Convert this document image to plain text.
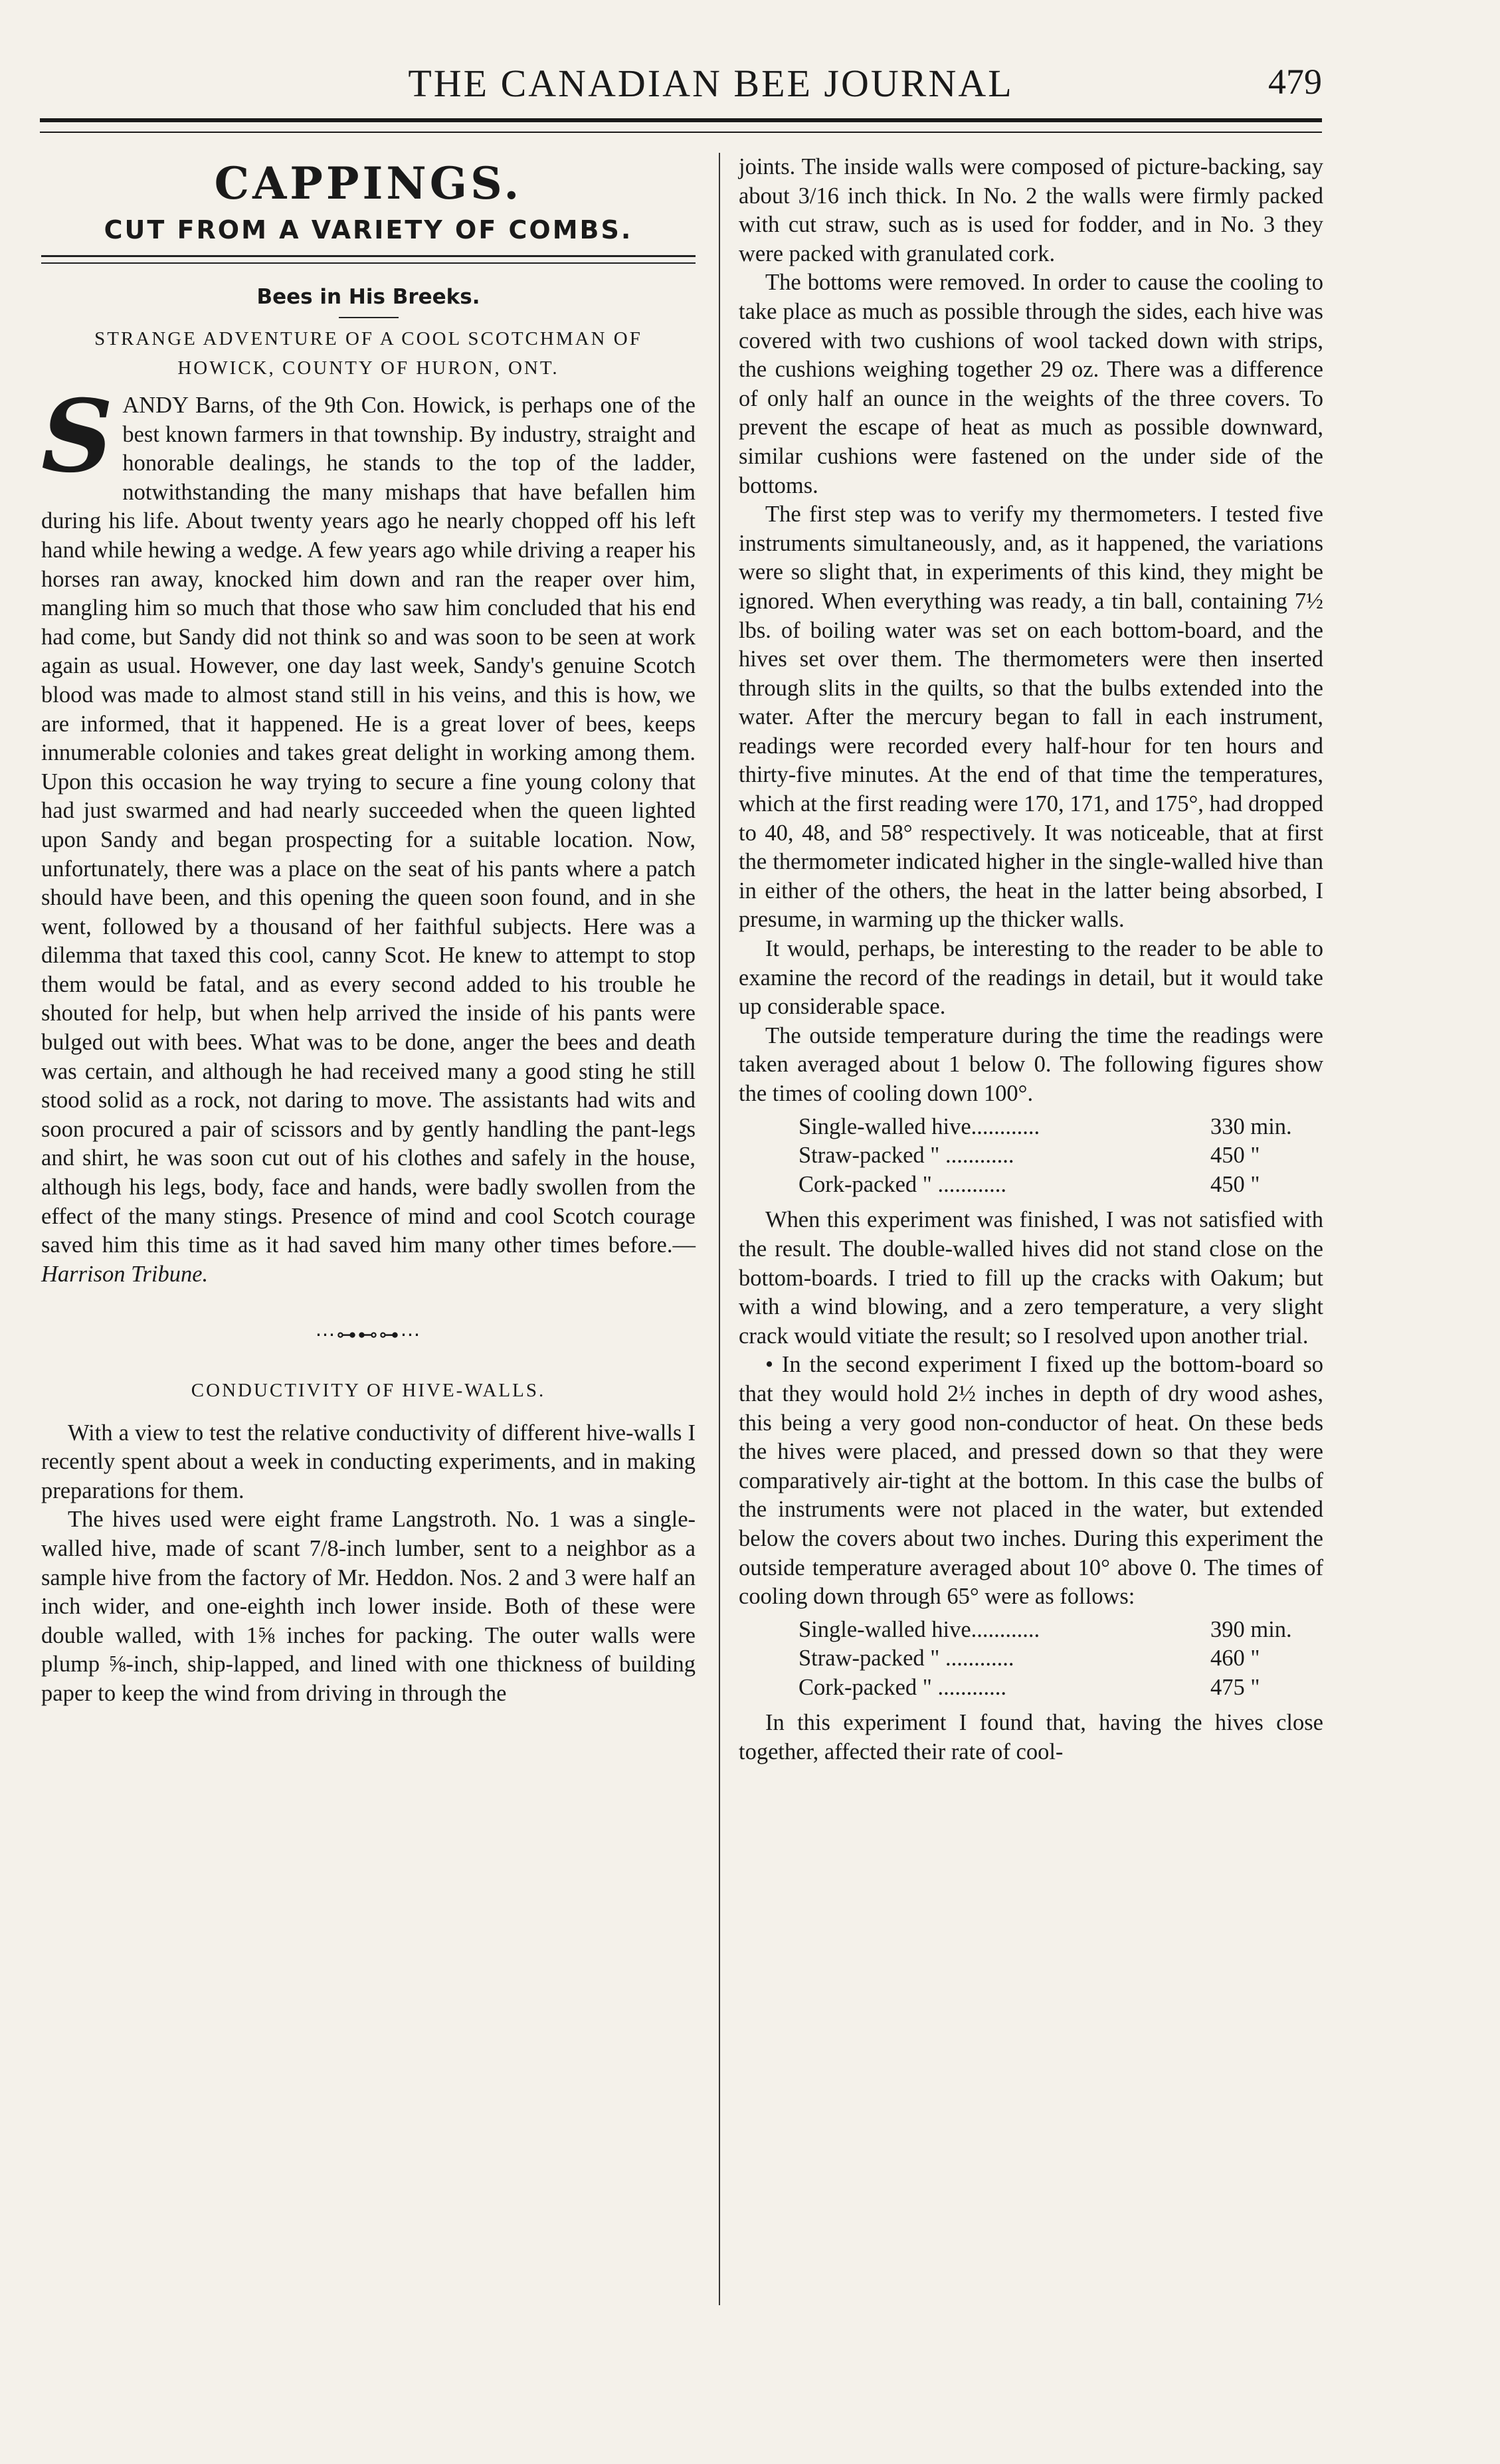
THE CANADIAN BEE JOURNAL	479
CAPPINGS.
CUT FROM A VARIETY OF COMBS.
Bees in His Breeks.
STRANGE ADVENTURE OF A COOL SCOTCHMAN OF
HOWICK, COUNTY OF HURON, ONT.

SANDY Barns, of the 9th Con. Howick, is perhaps one of the best known farmers in that township. By industry, straight and honorable dealings, he stands to the top of the ladder, notwithstanding the many mishaps that have befallen him during his life. About twenty years ago he nearly chopped off his left hand while hewing a wedge. A few years ago while driving a reaper his horses ran away, knocked him down and ran the reaper over him, mangling him so much that those who saw him concluded that his end had come, but Sandy did not think so and was soon to be seen at work again as usual. However, one day last week, Sandy's genuine Scotch blood was made to almost stand still in his veins, and this is how, we are informed, that it happened. He is a great lover of bees, keeps innumerable colonies and takes great delight in working among them. Upon this occasion he way trying to secure a fine young colony that had just swarmed and had nearly succeeded when the queen lighted upon Sandy and began prospecting for a suitable location. Now, unfortunately, there was a place on the seat of his pants where a patch should have been, and this opening the queen soon found, and in she went, followed by a thousand of her faithful subjects. Here was a dilemma that taxed this cool, canny Scot. He knew to attempt to stop them would be fatal, and as every second added to his trouble he shouted for help, but when help arrived the inside of his pants were bulged out with bees. What was to be done, anger the bees and death was certain, and although he had received many a good sting he still stood solid as a rock, not daring to move. The assistants had wits and soon procured a pair of scissors and by gently handling the pant-legs and shirt, he was soon cut out of his clothes and safely in the house, although his legs, body, face and hands, were badly swollen from the effect of the many stings. Presence of mind and cool Scotch courage saved him this time as it had saved him many other times before.—Harrison Tribune.

⋯⊶⊷⊶⋯
CONDUCTIVITY OF HIVE-WALLS.

With a view to test the relative conductivity of different hive-walls I recently spent about a week in conducting experiments, and in making preparations for them.

The hives used were eight frame Langstroth. No. 1 was a single-walled hive, made of scant 7/8-inch lumber, sent to a neighbor as a sample hive from the factory of Mr. Heddon. Nos. 2 and 3 were half an inch wider, and one-eighth inch lower inside. Both of these were double walled, with 1⅝ inches for packing. The outer walls were plump ⅝-inch, ship-lapped, and lined with one thickness of building paper to keep the wind from driving in through the

joints. The inside walls were composed of picture-backing, say about 3/16 inch thick. In No. 2 the walls were firmly packed with cut straw, such as is used for fodder, and in No. 3 they were packed with granulated cork.

The bottoms were removed. In order to cause the cooling to take place as much as possible through the sides, each hive was covered with two cushions of wool tacked down with strips, the cushions weighing together 29 oz. There was a difference of only half an ounce in the weights of the three covers. To prevent the escape of heat as much as possible downward, similar cushions were fastened on the under side of the bottoms.

The first step was to verify my thermometers. I tested five instruments simultaneously, and, as it happened, the variations were so slight that, in experiments of this kind, they might be ignored. When everything was ready, a tin ball, containing 7½ lbs. of boiling water was set on each bottom-board, and the hives set over them. The thermometers were then inserted through slits in the quilts, so that the bulbs extended into the water. After the mercury began to fall in each instrument, readings were recorded every half-hour for ten hours and thirty-five minutes. At the end of that time the temperatures, which at the first reading were 170, 171, and 175°, had dropped to 40, 48, and 58° respectively. It was noticeable, that at first the thermometer indicated higher in the single-walled hive than in either of the others, the heat in the latter being absorbed, I presume, in warming up the thicker walls.

It would, perhaps, be interesting to the reader to be able to examine the record of the readings in detail, but it would take up considerable space.

The outside temperature during the time the readings were taken averaged about 1 below 0. The following figures show the times of cooling down 100°.

Single-walled hive............	330 min.
Straw-packed " ............	450 "
Cork-packed " ............	450 "

When this experiment was finished, I was not satisfied with the result. The double-walled hives did not stand close on the bottom-boards. I tried to fill up the cracks with Oakum; but with a wind blowing, and a zero temperature, a very slight crack would vitiate the result; so I resolved upon another trial.

• In the second experiment I fixed up the bottom-board so that they would hold 2½ inches in depth of dry wood ashes, this being a very good non-conductor of heat. On these beds the hives were placed, and pressed down so that they were comparatively air-tight at the bottom. In this case the bulbs of the instruments were not placed in the water, but extended below the covers about two inches. During this experiment the outside temperature averaged about 10° above 0. The times of cooling down through 65° were as follows:

Single-walled hive............	390 min.
Straw-packed " ............	460 "
Cork-packed " ............	475 "

In this experiment I found that, having the hives close together, affected their rate of cool-
